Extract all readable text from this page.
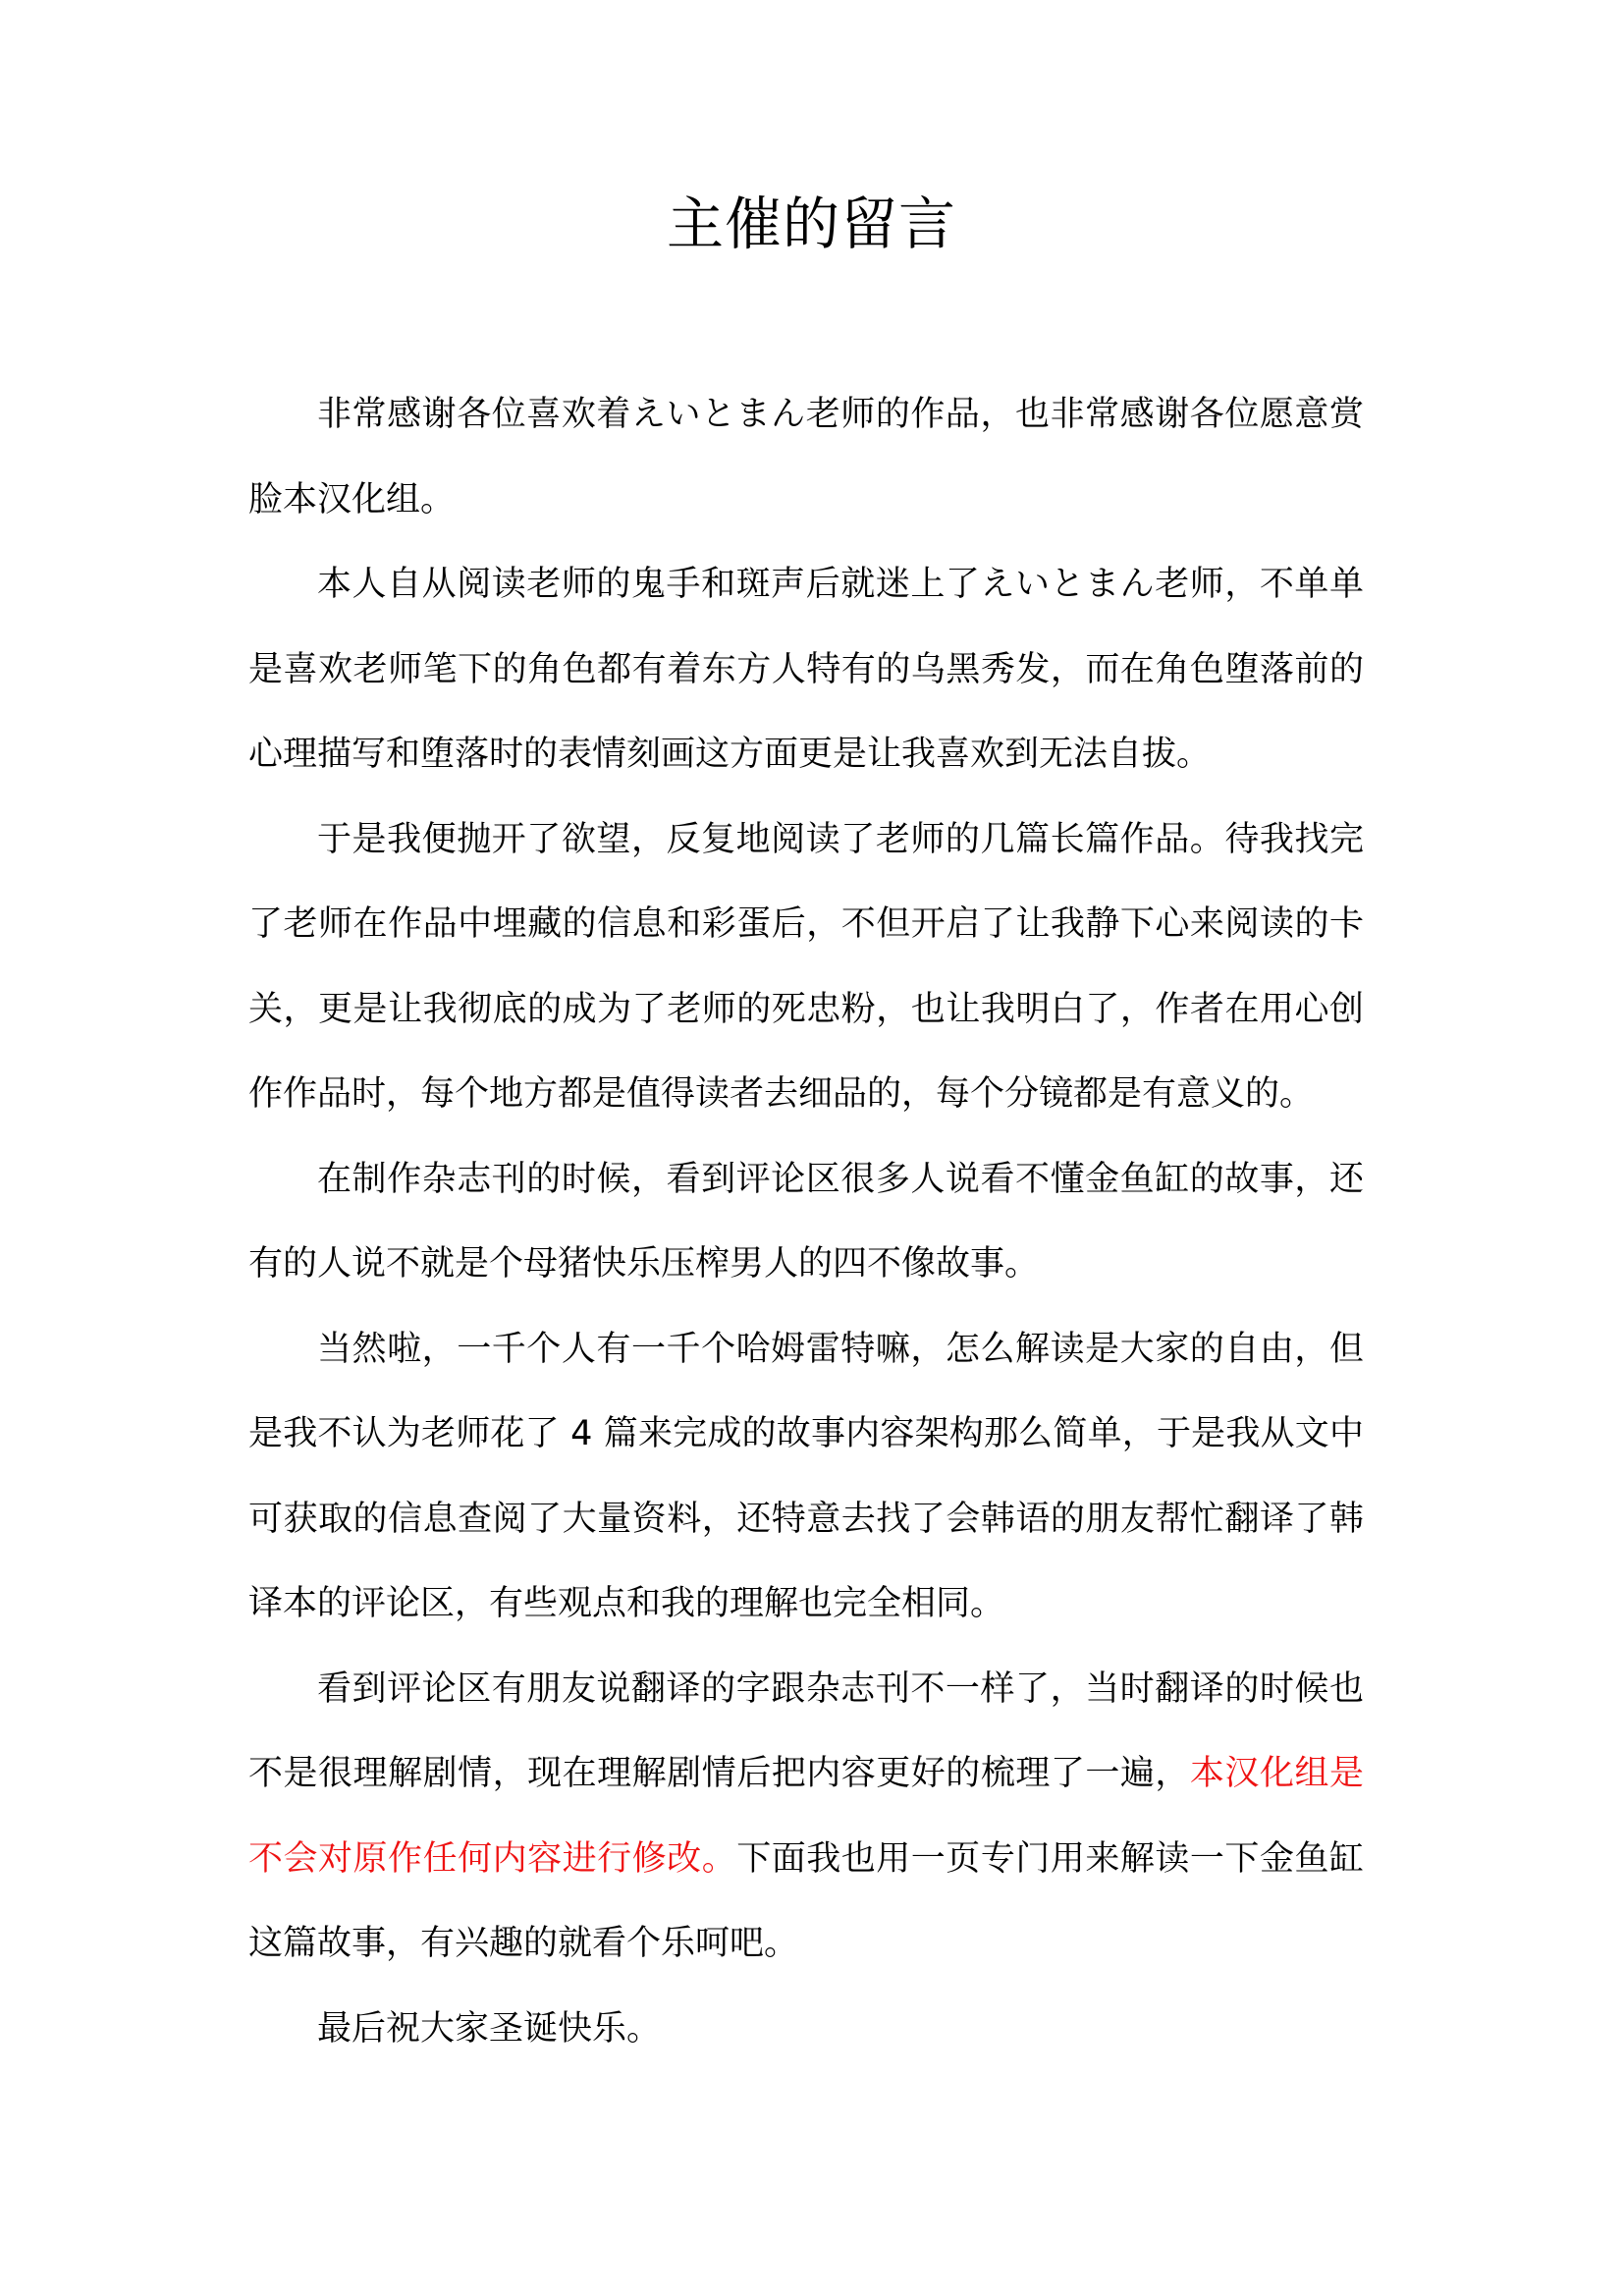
主催的留言

非常感谢各位喜欢着えいとまん老师的作品，也非常感谢各位愿意赏脸本汉化组。

本人自从阅读老师的鬼手和斑声后就迷上了えいとまん老师，不单单是喜欢老师笔下的角色都有着东方人特有的乌黑秀发，而在角色堕落前的心理描写和堕落时的表情刻画这方面更是让我喜欢到无法自拔。

于是我便抛开了欲望，反复地阅读了老师的几篇长篇作品。待我找完了老师在作品中埋藏的信息和彩蛋后，不但开启了让我静下心来阅读的卡关，更是让我彻底的成为了老师的死忠粉，也让我明白了，作者在用心创作作品时，每个地方都是值得读者去细品的，每个分镜都是有意义的。

在制作杂志刊的时候，看到评论区很多人说看不懂金鱼缸的故事，还有的人说不就是个母猪快乐压榨男人的四不像故事。

当然啦，一千个人有一千个哈姆雷特嘛，怎么解读是大家的自由，但是我不认为老师花了 4 篇来完成的故事内容架构那么简单，于是我从文中可获取的信息查阅了大量资料，还特意去找了会韩语的朋友帮忙翻译了韩译本的评论区，有些观点和我的理解也完全相同。

看到评论区有朋友说翻译的字跟杂志刊不一样了，当时翻译的时候也不是很理解剧情，现在理解剧情后把内容更好的梳理了一遍，本汉化组是不会对原作任何内容进行修改。下面我也用一页专门用来解读一下金鱼缸这篇故事，有兴趣的就看个乐呵吧。

最后祝大家圣诞快乐。
